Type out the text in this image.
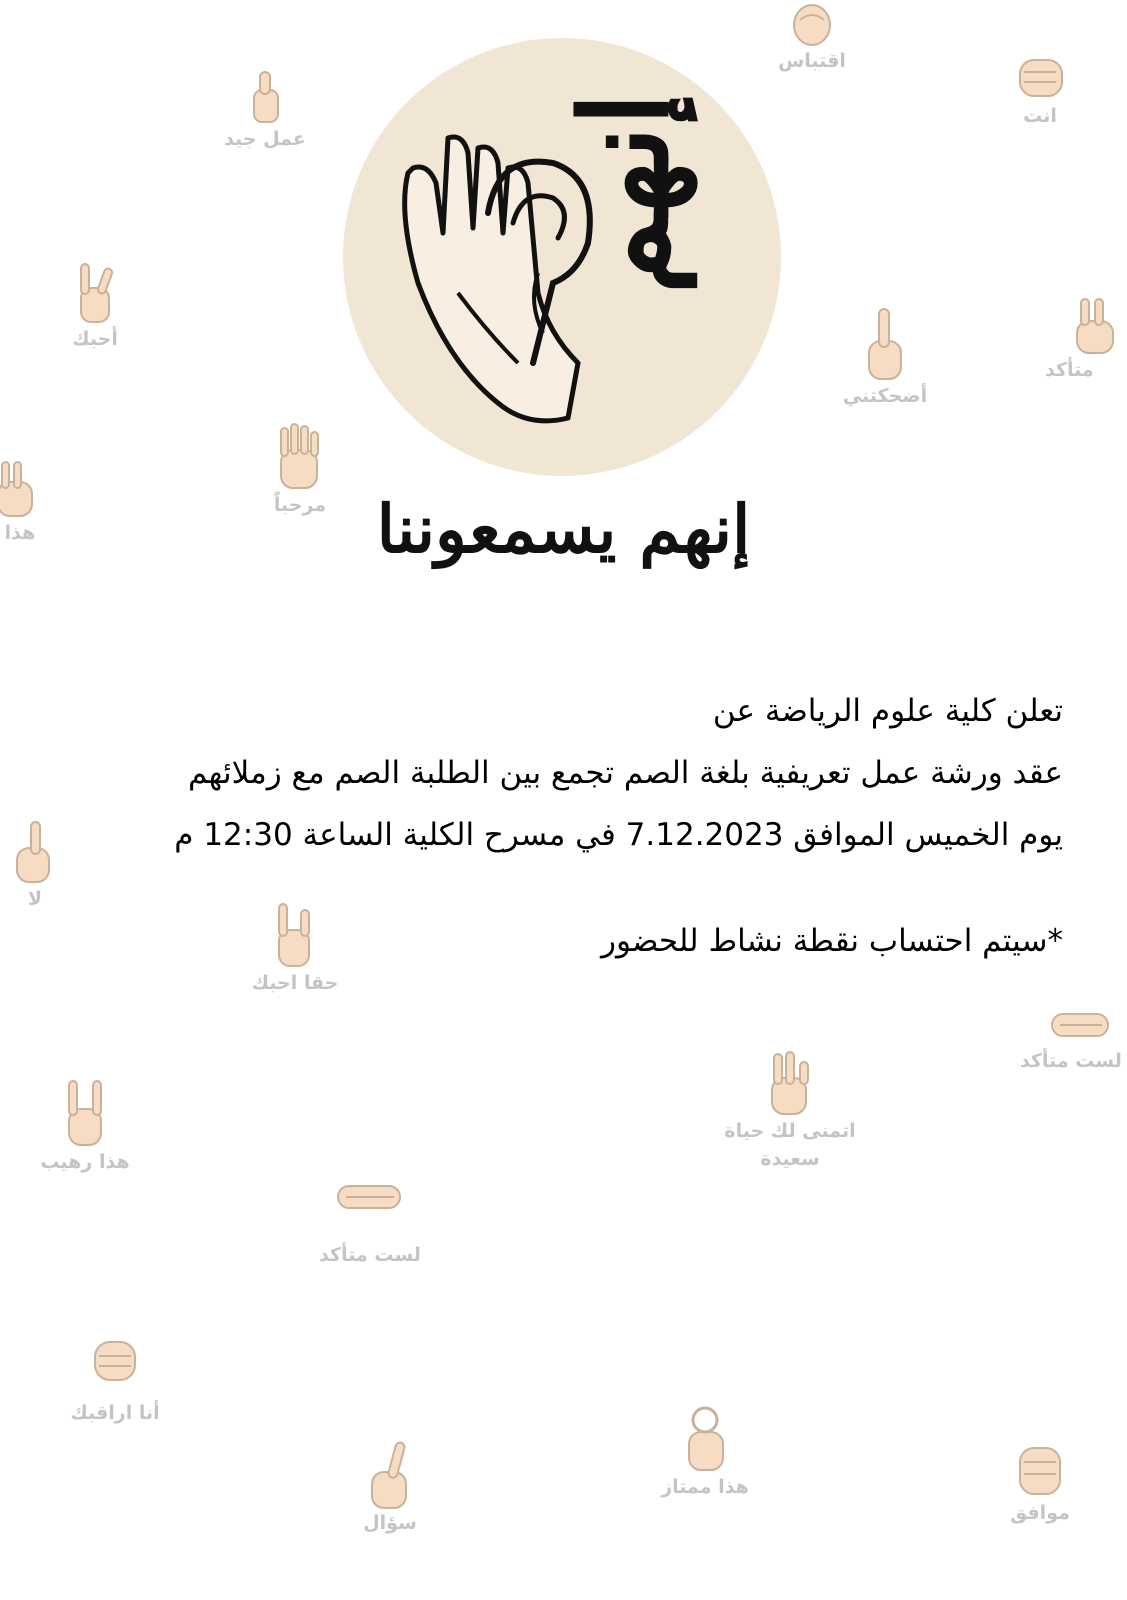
اقتباس
انت
عمل جيد
أحبك
أضحكتني
متأكد
مرحباً
هذا
لا
حقا احبك
لست متأكد
اتمنى لك حياة
سعيدة
هذا رهيب
لست متأكد
أنا اراقبك
هذا ممتاز
سؤال	موافق
إنهم
إنهم يسمعوننا
تعلن كلية علوم الرياضة عن
عقد ورشة عمل تعريفية بلغة الصم تجمع بين الطلبة الصم مع زملائهم
يوم الخميس الموافق 7.12.2023 في مسرح الكلية الساعة 12:30 م
*سيتم احتساب نقطة نشاط للحضور
